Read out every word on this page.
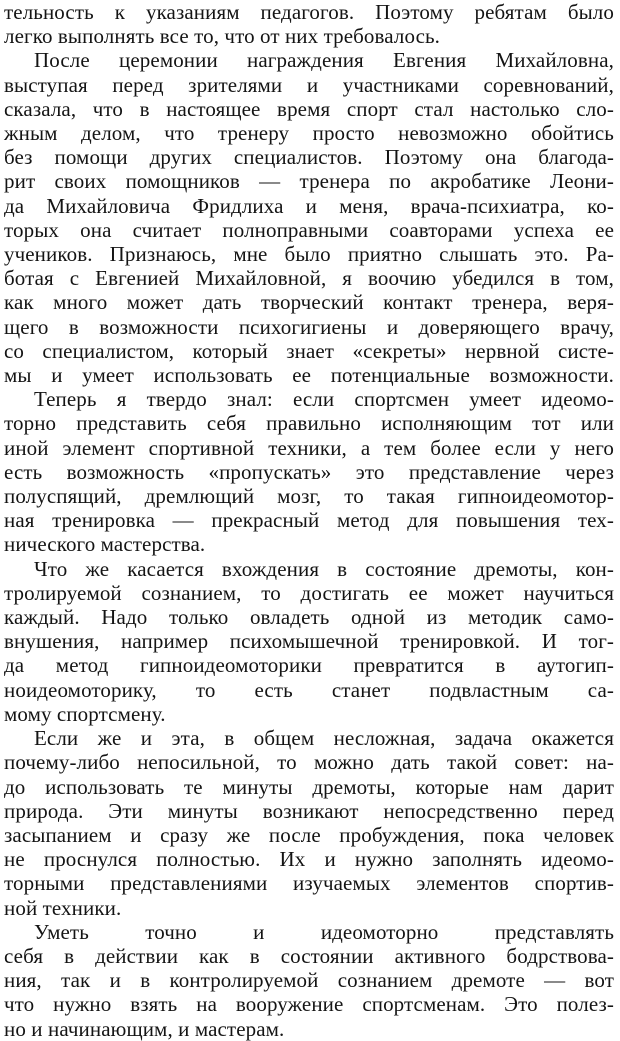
тельность к указаниям педагогов. Поэтому ребятам было
легко выполнять все то, что от них требовалось.

После церемонии награждения Евгения Михайловна,
выступая перед зрителями и участниками соревнований,
сказала, что в настоящее время спорт стал настолько сло-
жным делом, что тренеру просто невозможно обойтись
без помощи других специалистов. Поэтому она благода-
рит своих помощников — тренера по акробатике Леони-
да Михайловича Фридлиха и меня, врача-психиатра, ко-
торых она считает полноправными соавторами успеха ее
учеников. Признаюсь, мне было приятно слышать это. Ра-
ботая с Евгенией Михайловной, я воочию убедился в том,
как много может дать творческий контакт тренера, веря-
щего в возможности психогигиены и доверяющего врачу,
со специалистом, который знает «секреты» нервной систе-
мы и умеет использовать ее потенциальные возможности.

Теперь я твердо знал: если спортсмен умеет идеомо-
торно представить себя правильно исполняющим тот или
иной элемент спортивной техники, а тем более если у него
есть возможность «пропускать» это представление через
полуспящий, дремлющий мозг, то такая гипноидеомотор-
ная тренировка — прекрасный метод для повышения тех-
нического мастерства.

Что же касается вхождения в состояние дремоты, кон-
тролируемой сознанием, то достигать ее может научиться
каждый. Надо только овладеть одной из методик само-
внушения, например психомышечной тренировкой. И тог-
да метод гипноидеомоторики превратится в аутогип-
ноидеомоторику, то есть станет подвластным са-
мому спортсмену.

Если же и эта, в общем несложная, задача окажется
почему-либо непосильной, то можно дать такой совет: на-
до использовать те минуты дремоты, которые нам дарит
природа. Эти минуты возникают непосредственно перед
засыпанием и сразу же после пробуждения, пока человек
не проснулся полностью. Их и нужно заполнять идеомо-
торными представлениями изучаемых элементов спортив-
ной техники.

Уметь точно и идеомоторно представлять
себя в действии как в состоянии активного бодрствова-
ния, так и в контролируемой сознанием дремоте — вот
что нужно взять на вооружение спортсменам. Это полез-
но и начинающим, и мастерам.
